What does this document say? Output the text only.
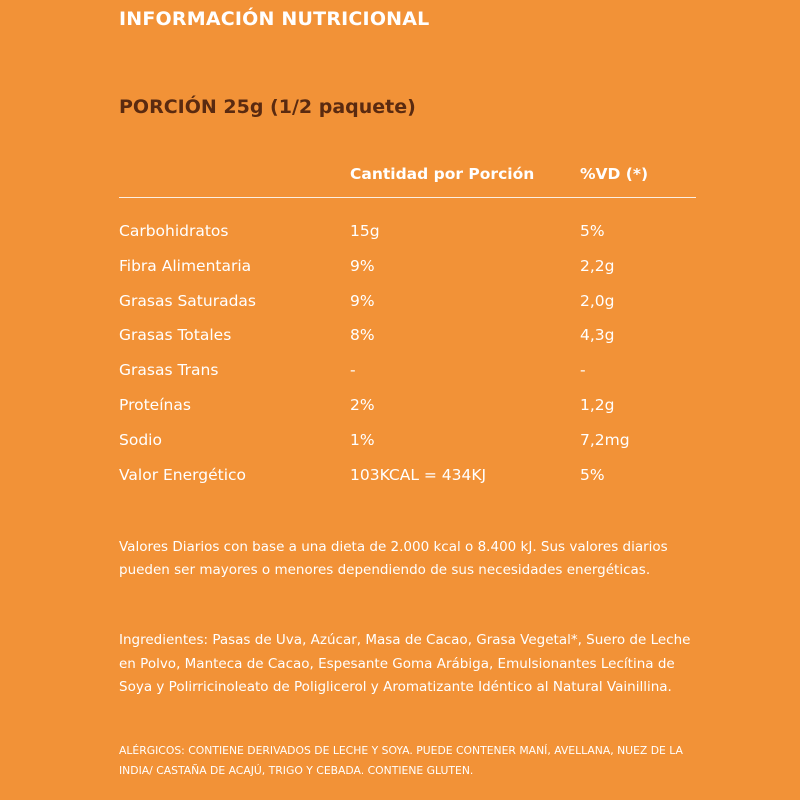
INFORMACIÓN NUTRICIONAL
PORCIÓN 25g (1/2 paquete)
Cantidad por Porción	%VD (*)
Carbohidratos	15g	5%
Fibra Alimentaria	9%	2,2g
Grasas Saturadas	9%	2,0g
Grasas Totales	8%	4,3g
Grasas Trans	-	-
Proteínas	2%	1,2g
Sodio	1%	7,2mg
Valor Energético	103KCAL = 434KJ	5%

Valores Diarios con base a una dieta de 2.000 kcal o 8.400 kJ. Sus valores diarios pueden ser mayores o menores dependiendo de sus necesidades energéticas.

Ingredientes: Pasas de Uva, Azúcar, Masa de Cacao, Grasa Vegetal*, Suero de Leche en Polvo, Manteca de Cacao, Espesante Goma Arábiga, Emulsionantes Lecítina de Soya y Polirricinoleato de Poliglicerol y Aromatizante Idéntico al Natural Vainillina.

ALÉRGICOS: CONTIENE DERIVADOS DE LECHE Y SOYA. PUEDE CONTENER MANÍ, AVELLANA, NUEZ DE LA INDIA/ CASTAÑA DE ACAJÚ, TRIGO Y CEBADA. CONTIENE GLUTEN.
